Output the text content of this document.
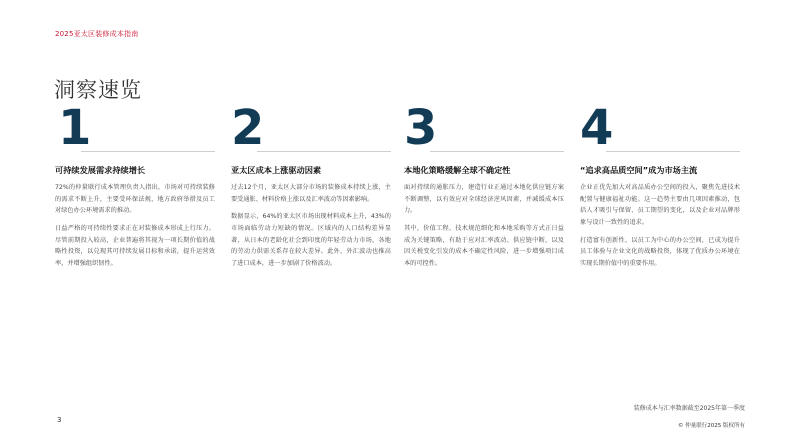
2025亚太区装修成本指南
洞察速览
1
可持续发展需求持续增长

72%的仲量联行成本管理负责人指出，市场对可持续装修的需求不断上升，主要受环保法规、地方政府举措及员工对绿色办公环境需求的推动。

日益严格的可持续性要求正在对装修成本形成上行压力。尽管前期投入较高，企业普遍将其视为一项长期价值的战略性投资，以兑现其可持续发展目标和承诺，提升运营效率，并增强组织韧性。

2
亚太区成本上涨驱动因素

过去12个月，亚太区大部分市场的装修成本持续上涨，主要受通胀、材料价格上涨以及汇率波动等因素影响。

数据显示，64%的亚太区市场出现材料成本上升，43%的市场面临劳动力短缺的情况。区域内的人口结构差异显著，从日本的老龄化社会到印度的年轻劳动力市场，各地的劳动力供需关系存在较大差异。此外，外汇波动也推高了进口成本，进一步加剧了价格波动。

3
本地化策略缓解全球不确定性

面对持续的通胀压力，建造行业正通过本地化供应链方案不断调整，以有效应对全球经济逆风因素，并减缓成本压力。

其中，价值工程、技术规范细化和本地采购等方式正日益成为关键策略，有助于应对汇率波动、供应链中断，以及因关税变化引发的成本不确定性风险，进一步增强项目成本的可控性。

4
“追求高品质空间”成为市场主流

企业正优先加大对高品质办公空间的投入，聚焦先进技术配置与健康福祉功能。这一趋势主要由几项因素推动，包括人才吸引与保留、员工期望的变化，以及企业对品牌形象与设计一致性的追求。

打造富有创新性、以员工为中心的办公空间，已成为提升员工体验与企业文化的战略投资，体现了优质办公环境在实现长期价值中的重要作用。

3
装修成本与汇率数据截至2025年第一季度
© 仲量联行2025 版权所有
